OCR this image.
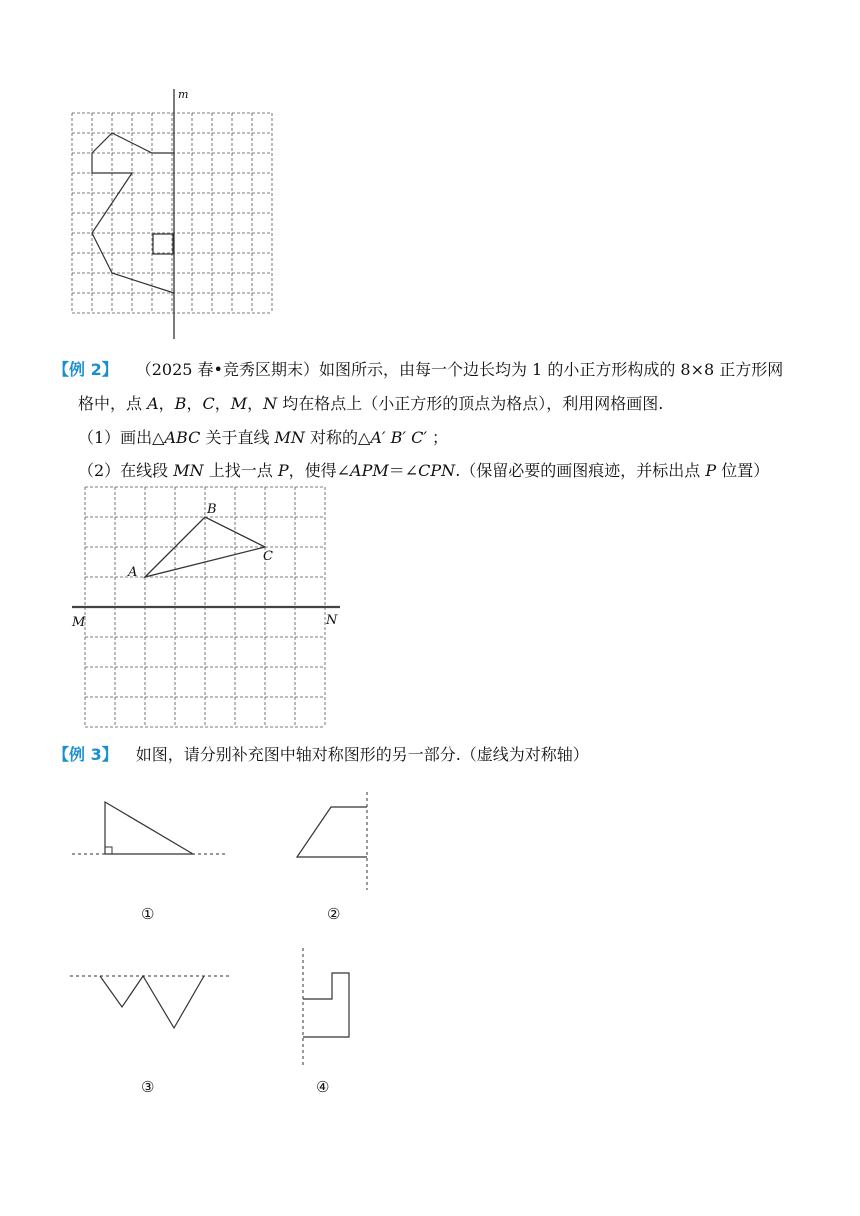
m
【例 2】 （2025 春•竞秀区期末）如图所示，由每一个边长均为 1 的小正方形构成的 8×8 正方形网
格中，点 A，B，C，M，N 均在格点上（小正方形的顶点为格点），利用网格画图.
（1）画出△ABC 关于直线 MN 对称的△A′ B′ C′ ；
（2）在线段 MN 上找一点 P，使得∠APM＝∠CPN.（保留必要的画图痕迹，并标出点 P 位置）
A
B
C
M	N
【例 3】 如图，请分别补充图中轴对称图形的另一部分.（虚线为对称轴）
①	②
③	④
